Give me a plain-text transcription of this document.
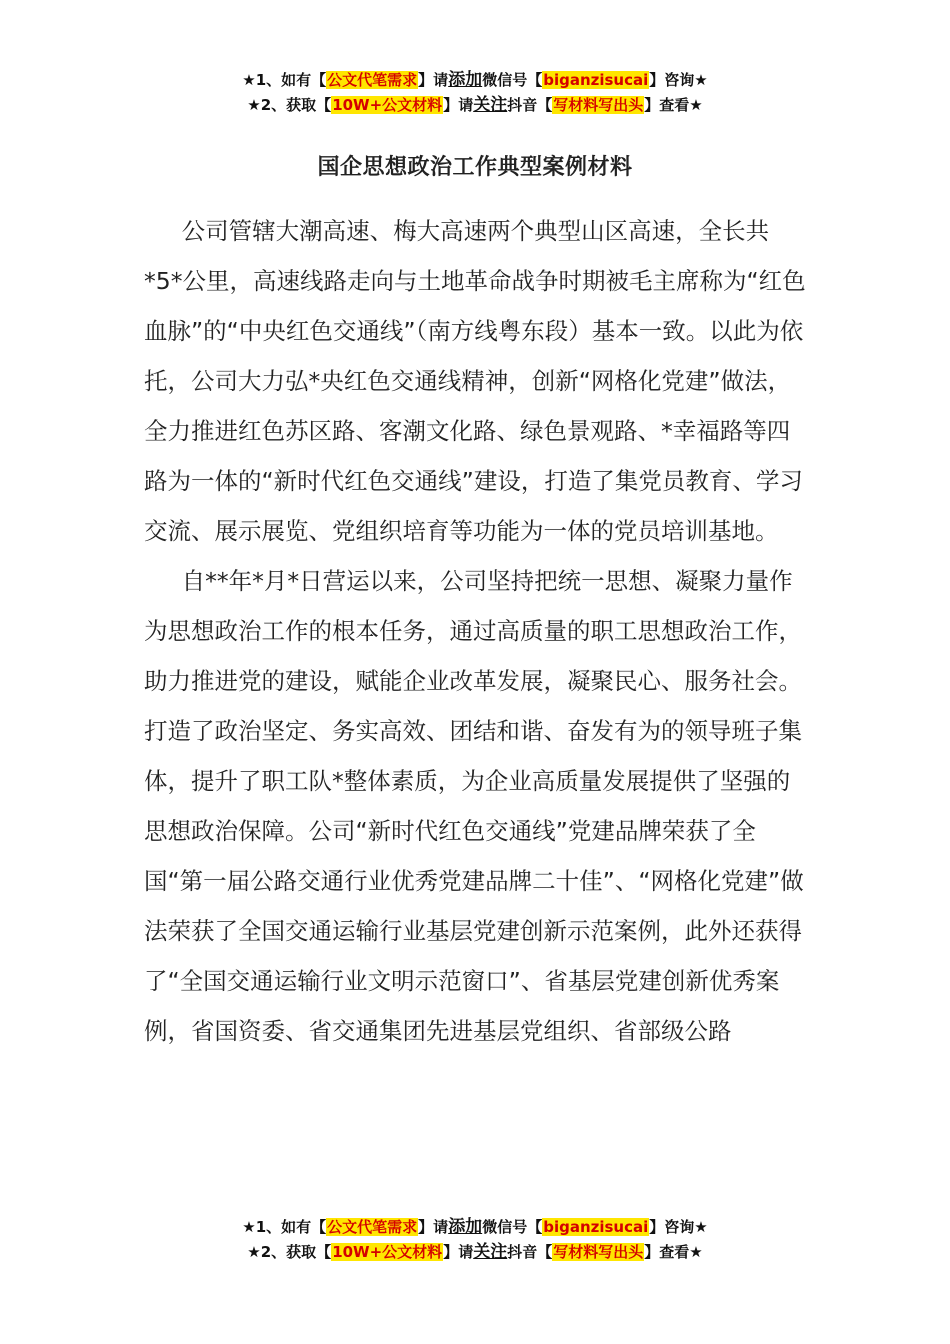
★1、如有【公文代笔需求】请添加微信号【biganzisucai】咨询★
★2、获取【10W+公文材料】请关注抖音【写材料写出头】查看★
国企思想政治工作典型案例材料

公司管辖大潮高速、梅大高速两个典型山区高速，全长共*5*公里，高速线路走向与土地革命战争时期被毛主席称为“红色血脉”的“中央红色交通线”（南方线粤东段）基本一致。以此为依托，公司大力弘*央红色交通线精神，创新“网格化党建”做法，全力推进红色苏区路、客潮文化路、绿色景观路、*幸福路等四路为一体的“新时代红色交通线”建设，打造了集党员教育、学习交流、展示展览、党组织培育等功能为一体的党员培训基地。

自**年*月*日营运以来，公司坚持把统一思想、凝聚力量作为思想政治工作的根本任务，通过高质量的职工思想政治工作，助力推进党的建设，赋能企业改革发展，凝聚民心、服务社会。打造了政治坚定、务实高效、团结和谐、奋发有为的领导班子集体，提升了职工队*整体素质，为企业高质量发展提供了坚强的思想政治保障。公司“新时代红色交通线”党建品牌荣获了全国“第一届公路交通行业优秀党建品牌二十佳”、“网格化党建”做法荣获了全国交通运输行业基层党建创新示范案例，此外还获得了“全国交通运输行业文明示范窗口”、省基层党建创新优秀案例，省国资委、省交通集团先进基层党组织、省部级公路

★1、如有【公文代笔需求】请添加微信号【biganzisucai】咨询★
★2、获取【10W+公文材料】请关注抖音【写材料写出头】查看★
